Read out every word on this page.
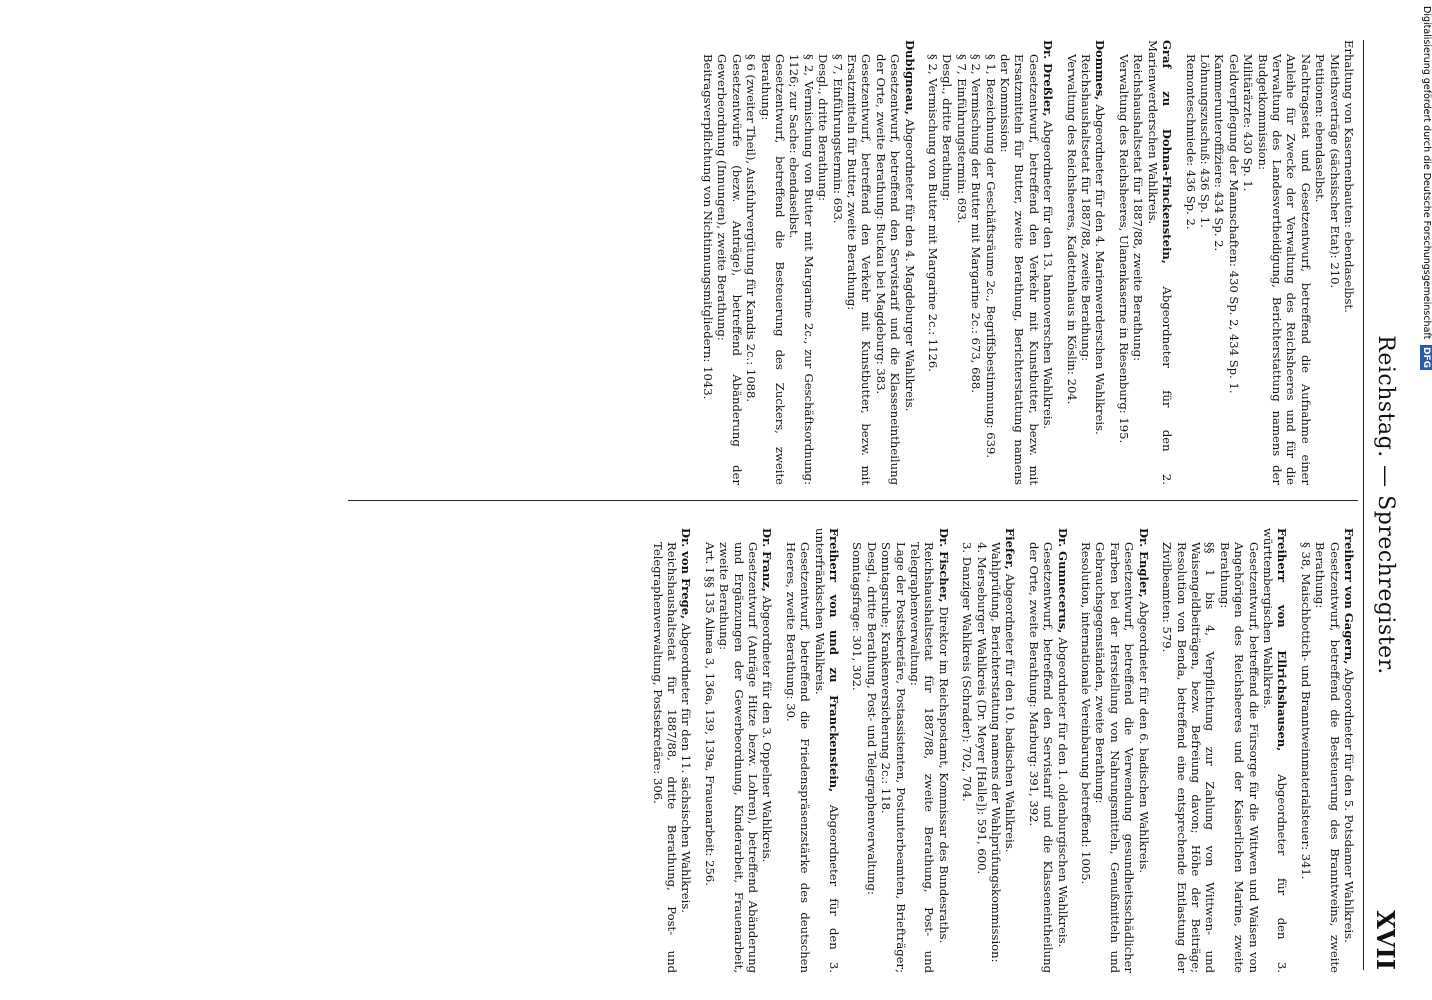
Reichstag. — Sprechregister.
XVII
Erhaltung von Kasernenbauten: ebendaselbst.
Miethsverträge (sächsischer Etat): 210.
Petitionen: ebendaselbst.
Nachtragsetat und Gesetzentwurf, betreffend die Aufnahme einer Anleihe für Zwecke der Verwaltung des Reichsheeres und für die Verwaltung des Landesvertheidigung, Berichterstattung namens der Budgetkommission:
Militärärzte: 430 Sp. 1.
Geldverpflegung der Mannschaften: 430 Sp. 2, 434 Sp. 1.
Kammerunteroffiziere: 434 Sp. 2.
Löhnungszuschuß: 436 Sp. 1.
Remonteschmiede: 436 Sp. 2.
Graf zu Dohna-Finckenstein, Abgeordneter für den 2. Marienwerderschen Wahlkreis.
Reichshaushaltsetat für 1887/88, zweite Berathung:
Verwaltung des Reichsheeres, Ulanenkaserne in Riesenburg: 195.
Dommes, Abgeordneter für den 4. Marienwerderschen Wahlkreis.
Reichshaushaltsetat für 1887/88, zweite Berathung:
Verwaltung des Reichsheeres, Kadettenhaus in Köslin: 204.
Dr. Dreßler, Abgeordneter für den 13. hannoverschen Wahlkreis.
Gesetzentwurf, betreffend den Verkehr mit Kunstbutter, bezw. mit Ersatzmitteln für Butter, zweite Berathung, Berichterstattung namens der Kommission:
§ 1, Bezeichnung der Geschäftsräume 2c., Begriffsbestimmung: 639.
§ 2, Vermischung der Butter mit Margarine 2c.: 673, 688.
§ 7, Einführungstermin: 693.
Desgl., dritte Berathung:
§ 2, Vermischung von Butter mit Margarine 2c.: 1126.
Dubigneau, Abgeordneter für den 4. Magdeburger Wahlkreis.
Gesetzentwurf, betreffend den Servistarif und die Klasseneintheilung der Orte, zweite Berathung: Buckau bei Magdeburg: 383.
Gesetzentwurf, betreffend den Verkehr mit Kunstbutter, bezw. mit Ersatzmitteln für Butter, zweite Berathung:
§ 7, Einführungstermin: 693.
Desgl., dritte Berathung:
§ 2, Vermischung von Butter mit Margarine 2c., zur Geschäftsordnung: 1126; zur Sache: ebendaselbst.
Gesetzentwurf, betreffend die Besteuerung des Zuckers, zweite Berathung:
§ 6 (zweiter Theil), Ausfuhrvergütung für Kandis 2c.: 1088.
Gesetzentwürfe (bezw. Anträge), betreffend Abänderung der Gewerbeordnung (Innungen), zweite Berathung:
Beitragsverpflichtung von Nichtinnungsmitgliedern: 1043.
Freiherr von Gagern, Abgeordneter für den 5. Potsdamer Wahlkreis.
Gesetzentwurf, betreffend die Besteuerung des Branntweins, zweite Berathung:
§ 38, Maischbottich- und Branntweinmaterialsteuer: 341.
Freiherr von Ellrichshausen, Abgeordneter für den 3. württembergischen Wahlkreis.
Gesetzentwurf, betreffend die Fürsorge für die Wittwen und Waisen von Angehörigen des Reichsheeres und der Kaiserlichen Marine, zweite Berathung:
§§ 1 bis 4, Verpflichtung zur Zahlung von Wittwen- und Waisengeldbeiträgen, bezw. Befreiung davon; Höhe der Beiträge; Resolution von Benda, betreffend eine entsprechende Entlastung der Zivilbeamten: 579.
Dr. Engler, Abgeordneter für den 6. badischen Wahlkreis.
Gesetzentwurf, betreffend die Verwendung gesundheitsschädlicher Farben bei der Herstellung von Nahrungsmitteln, Genußmitteln und Gebrauchsgegenständen, zweite Berathung:
Resolution, internationale Vereinbarung betreffend: 1005.
Dr. Gunnecerus, Abgeordneter für den 1. oldenburgischen Wahlkreis.
Gesetzentwurf, betreffend den Servistarif und die Klasseneintheilung der Orte, zweite Berathung: Marburg: 391, 392.
Fiefer, Abgeordneter für den 10. badischen Wahlkreis.
Wahlprüfung, Berichterstattung namens der Wahlprüfungskommission:
4. Merseburger Wahlkreis (Dr. Meyer [Halle]): 591, 600.
3. Danziger Wahlkreis (Schrader): 702, 704.
Dr. Fischer, Direktor im Reichspostamt, Kommissar des Bundesraths.
Reichshaushaltsetat für 1887/88, zweite Berathung, Post- und Telegraphenverwaltung:
Lage der Postsekretäre, Postassistenten, Postunterbeamten, Briefträger; Sonntagsruhe; Krankenversicherung 2c.: 118.
Desgl., dritte Berathung, Post- und Telegraphenverwaltung:
Sonntagsfrage: 301, 302.
Freiherr von und zu Franckenstein, Abgeordneter für den 3. unterfränkischen Wahlkreis.
Gesetzentwurf, betreffend die Friedenspräsenzstärke des deutschen Heeres, zweite Berathung: 30.
Dr. Franz, Abgeordneter für den 3. Oppelner Wahlkreis.
Gesetzentwurf (Anträge Hitze bezw. Lohren), betreffend Abänderung und Ergänzungen der Gewerbeordnung, Kinderarbeit, Frauenarbeit, zweite Berathung:
Art. I §§ 135 Alinea 3, 136a, 139, 139a, Frauenarbeit: 256.
Dr. von Frege, Abgeordneter für den 11. sächsischen Wahlkreis.
Reichshaushaltsetat für 1887/88, dritte Berathung, Post- und Telegraphenverwaltung, Postsekretäre: 306.
Digitalisierung gefördert durch die Deutsche Forschungsgemeinschaft DFG
